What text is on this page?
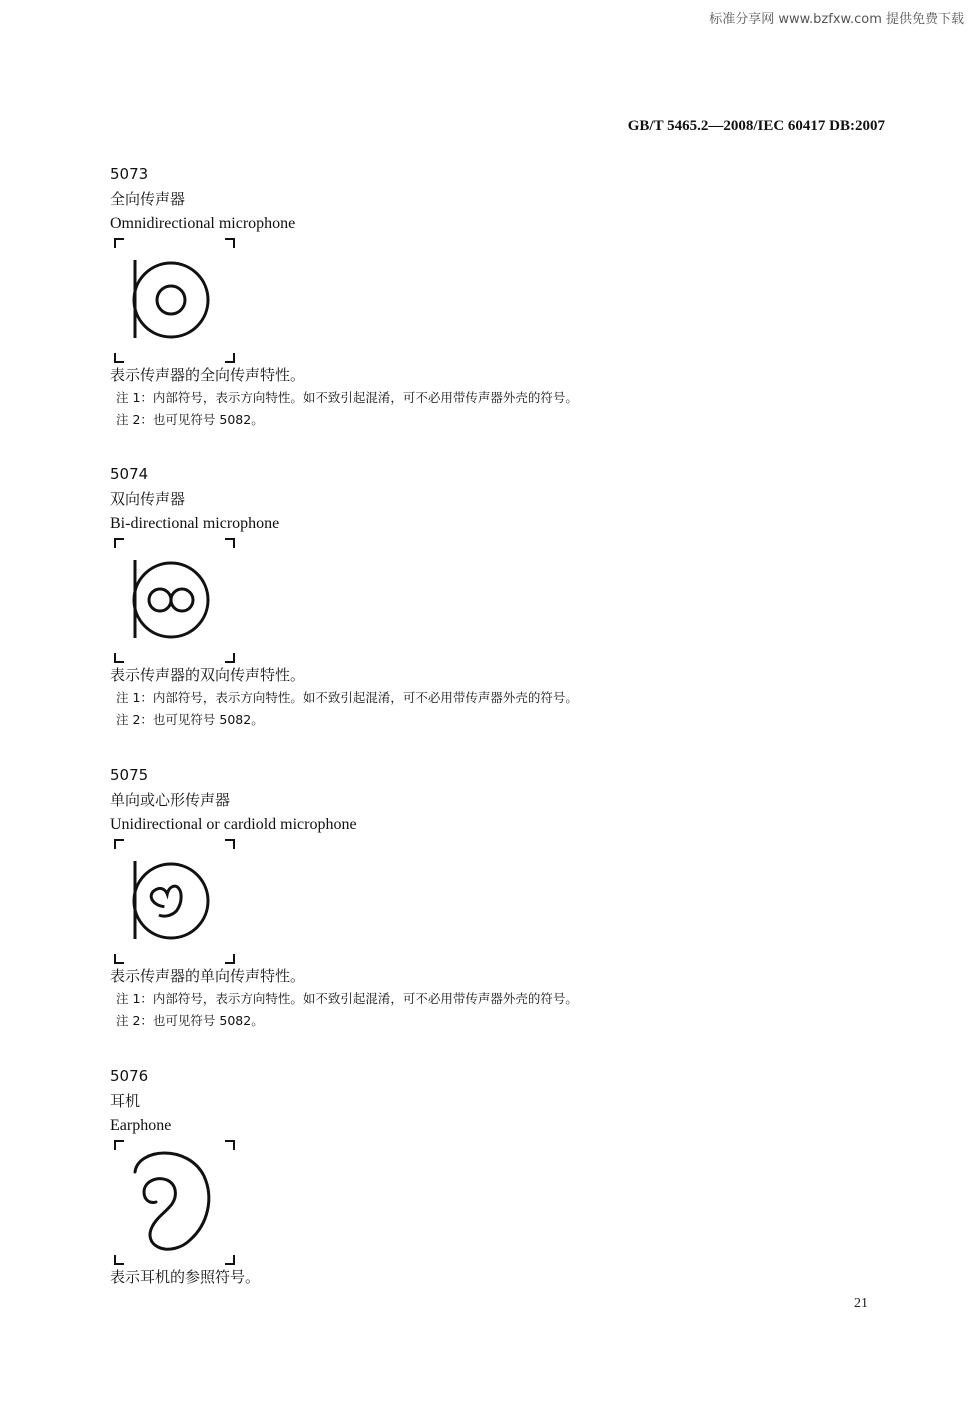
标准分享网 www.bzfxw.com 提供免费下载
GB/T 5465.2—2008/IEC 60417 DB:2007
5073
全向传声器
Omnidirectional microphone
表示传声器的全向传声特性。
注 1：内部符号，表示方向特性。如不致引起混淆，可不必用带传声器外壳的符号。
注 2：也可见符号 5082。
5074
双向传声器
Bi-directional microphone
表示传声器的双向传声特性。
注 1：内部符号，表示方向特性。如不致引起混淆，可不必用带传声器外壳的符号。
注 2：也可见符号 5082。
5075
单向或心形传声器
Unidirectional or cardiold microphone
表示传声器的单向传声特性。
注 1：内部符号，表示方向特性。如不致引起混淆，可不必用带传声器外壳的符号。
注 2：也可见符号 5082。
5076
耳机
Earphone
表示耳机的参照符号。
21
